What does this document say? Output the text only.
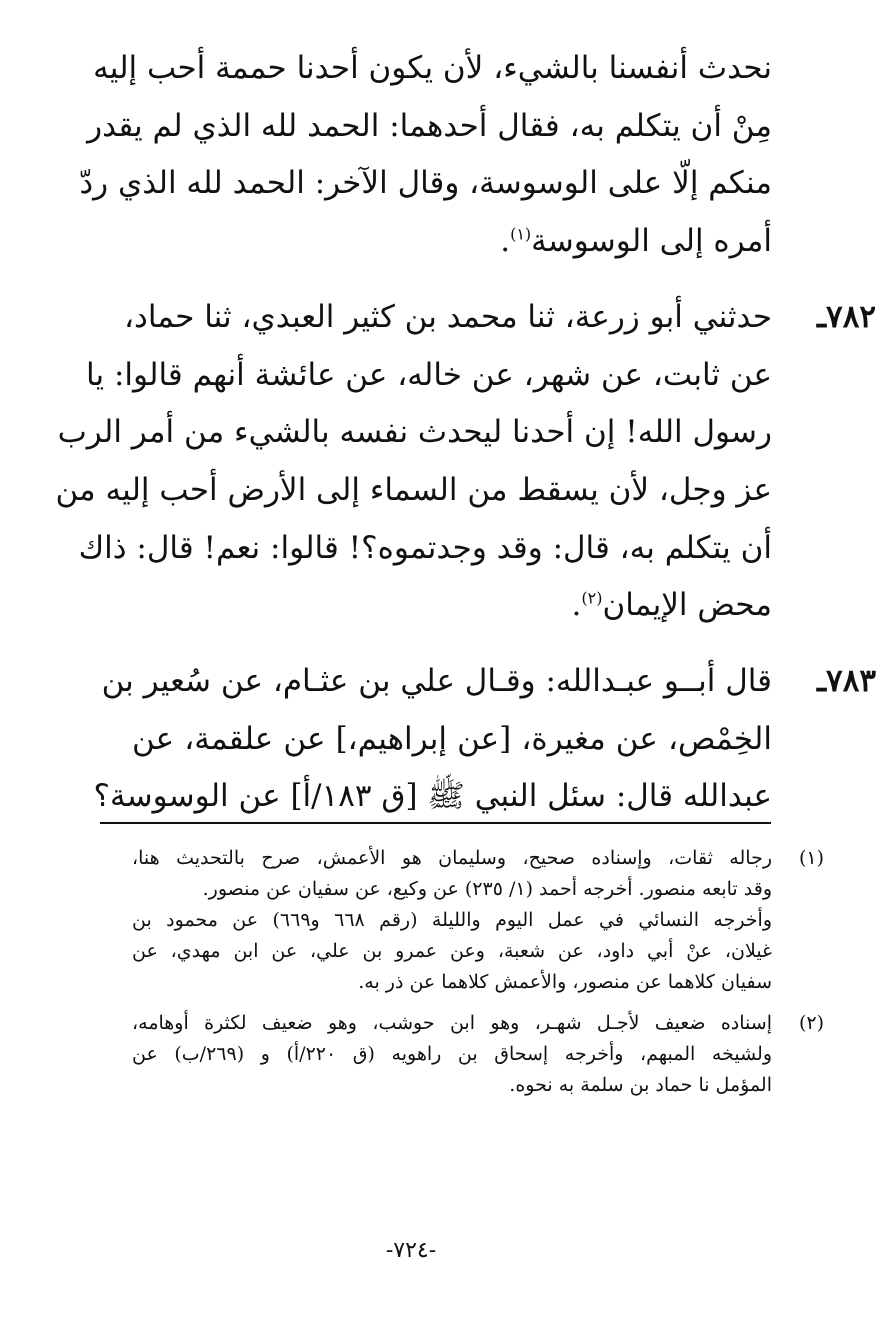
نحدث أنفسنا بالشيء، لأن يكون أحدنا حممة أحب إليه
مِنْ أن يتكلم به، فقال أحدهما: الحمد لله الذي لم يقدر
منكم إلّا على الوسوسة، وقال الآخر: الحمد لله الذي ردّ
أمره إلى الوسوسة$^{(١)}$.
٧٨٢ـ
حدثني أبو زرعة، ثنا محمد بن كثير العبدي، ثنا حماد،
عن ثابت، عن شهر، عن خاله، عن عائشة أنهم قالوا: يا
رسول الله! إن أحدنا ليحدث نفسه بالشيء من أمر الرب
عز وجل، لأن يسقط من السماء إلى الأرض أحب إليه من
أن يتكلم به، قال: وقد وجدتموه؟! قالوا: نعم! قال: ذاك
محض الإيمان$^{(٢)}$.
٧٨٣ـ
قال أبــو عبـدالله: وقـال علي بن عثـام، عن سُعير بن
الخِمْص، عن مغيرة، [عن إبراهيم،] عن علقمة، عن
عبدالله قال: سئل النبي ﷺ [ق ١٨٣/أ] عن الوسوسة؟
(١)
رجاله ثقات، وإسناده صحيح، وسليمان هو الأعمش، صرح بالتحديث هنا،
وقد تابعه منصور. أخرجه أحمد (١/ ٢٣٥) عن وكيع، عن سفيان عن منصور.
وأخرجه النسائي في عمل اليوم والليلة (رقم ٦٦٨ و٦٦٩) عن محمود بن
غيلان، عنْ أبي داود، عن شعبة، وعن عمرو بن علي، عن ابن مهدي، عن
سفيان كلاهما عن منصور، والأعمش كلاهما عن ذر به.
(٢)
إسناده ضعيف لأجـل شهـر، وهو ابن حوشب، وهو ضعيف لكثرة أوهامه،
ولشيخه المبهم، وأخرجه إسحاق بن راهويه (ق ٢٢٠/أ) و (٢٦٩/ب) عن
المؤمل نا حماد بن سلمة به نحوه.
-٧٢٤-
